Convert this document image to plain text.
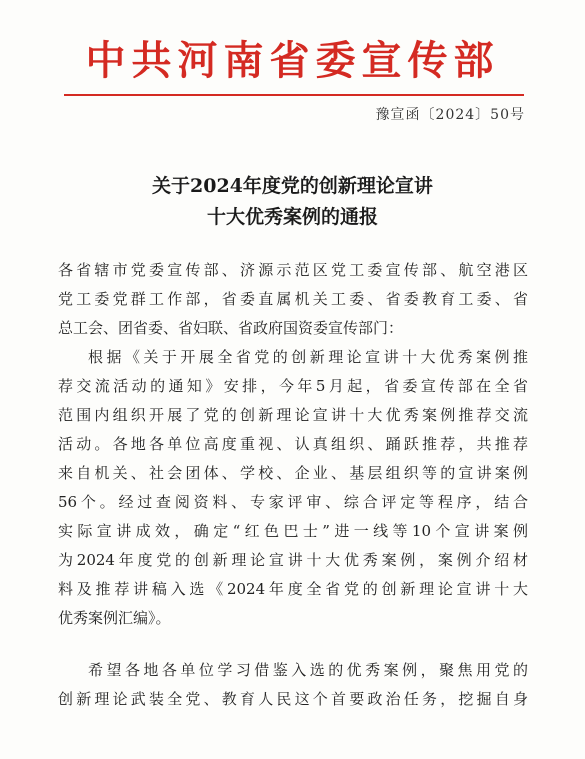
中共河南省委宣传部
豫宣函〔2024〕50号
关于2024年度党的创新理论宣讲
十大优秀案例的通报
各省辖市党委宣传部、济源示范区党工委宣传部、航空港区
党工委党群工作部，省委直属机关工委、省委教育工委、省
总工会、团省委、省妇联、省政府国资委宣传部门：
根据《关于开展全省党的创新理论宣讲十大优秀案例推
荐交流活动的通知》安排，今年5月起，省委宣传部在全省
范围内组织开展了党的创新理论宣讲十大优秀案例推荐交流
活动。各地各单位高度重视、认真组织、踊跃推荐，共推荐
来自机关、社会团体、学校、企业、基层组织等的宣讲案例
56个。经过查阅资料、专家评审、综合评定等程序，结合
实际宣讲成效，确定“红色巴士”进一线等10个宣讲案例
为2024年度党的创新理论宣讲十大优秀案例，案例介绍材
料及推荐讲稿入选《2024年度全省党的创新理论宣讲十大
优秀案例汇编》。
希望各地各单位学习借鉴入选的优秀案例，聚焦用党的
创新理论武装全党、教育人民这个首要政治任务，挖掘自身
